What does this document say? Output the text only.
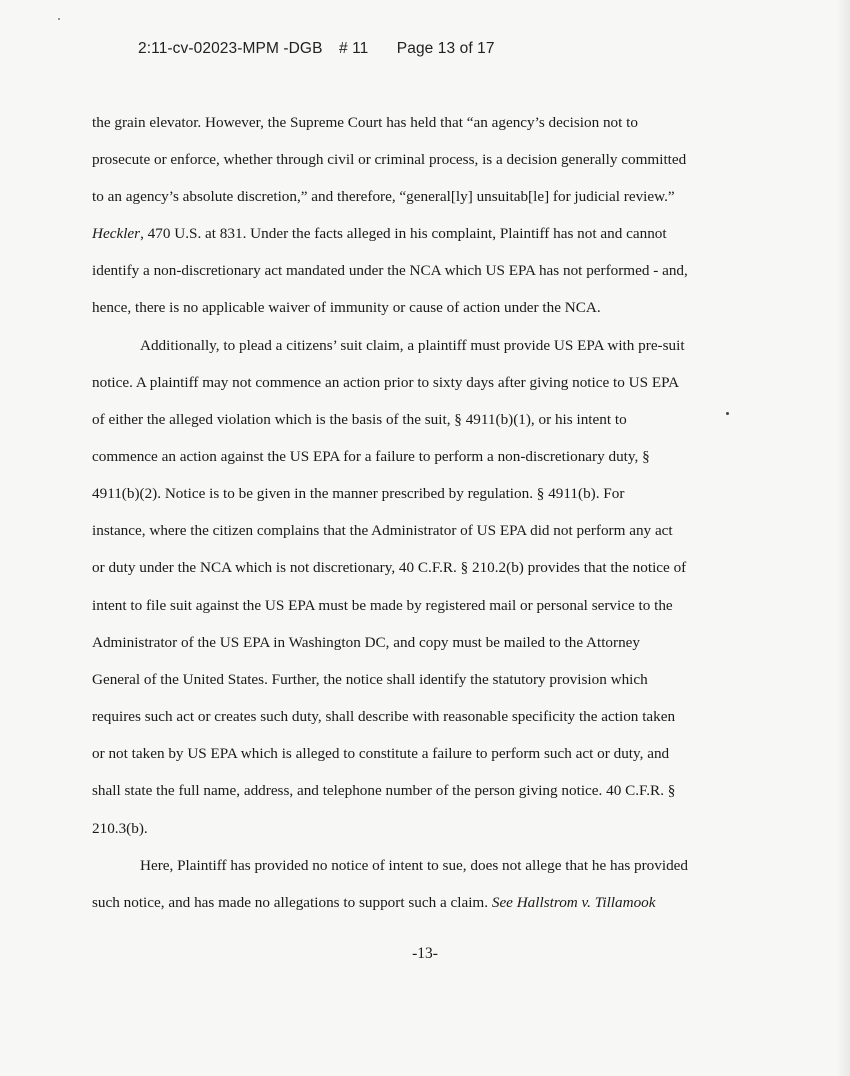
2:11-cv-02023-MPM -DGB # 11 Page 13 of 17
the grain elevator. However, the Supreme Court has held that “an agency’s decision not to
prosecute or enforce, whether through civil or criminal process, is a decision generally committed
to an agency’s absolute discretion,” and therefore, “general[ly] unsuitab[le] for judicial review.”
Heckler, 470 U.S. at 831. Under the facts alleged in his complaint, Plaintiff has not and cannot
identify a non-discretionary act mandated under the NCA which US EPA has not performed - and,
hence, there is no applicable waiver of immunity or cause of action under the NCA.
Additionally, to plead a citizens’ suit claim, a plaintiff must provide US EPA with pre-suit
notice. A plaintiff may not commence an action prior to sixty days after giving notice to US EPA
of either the alleged violation which is the basis of the suit, § 4911(b)(1), or his intent to
commence an action against the US EPA for a failure to perform a non-discretionary duty, §
4911(b)(2). Notice is to be given in the manner prescribed by regulation. § 4911(b). For
instance, where the citizen complains that the Administrator of US EPA did not perform any act
or duty under the NCA which is not discretionary, 40 C.F.R. § 210.2(b) provides that the notice of
intent to file suit against the US EPA must be made by registered mail or personal service to the
Administrator of the US EPA in Washington DC, and copy must be mailed to the Attorney
General of the United States. Further, the notice shall identify the statutory provision which
requires such act or creates such duty, shall describe with reasonable specificity the action taken
or not taken by US EPA which is alleged to constitute a failure to perform such act or duty, and
shall state the full name, address, and telephone number of the person giving notice. 40 C.F.R. §
210.3(b).
Here, Plaintiff has provided no notice of intent to sue, does not allege that he has provided
such notice, and has made no allegations to support such a claim. See Hallstrom v. Tillamook
-13-
